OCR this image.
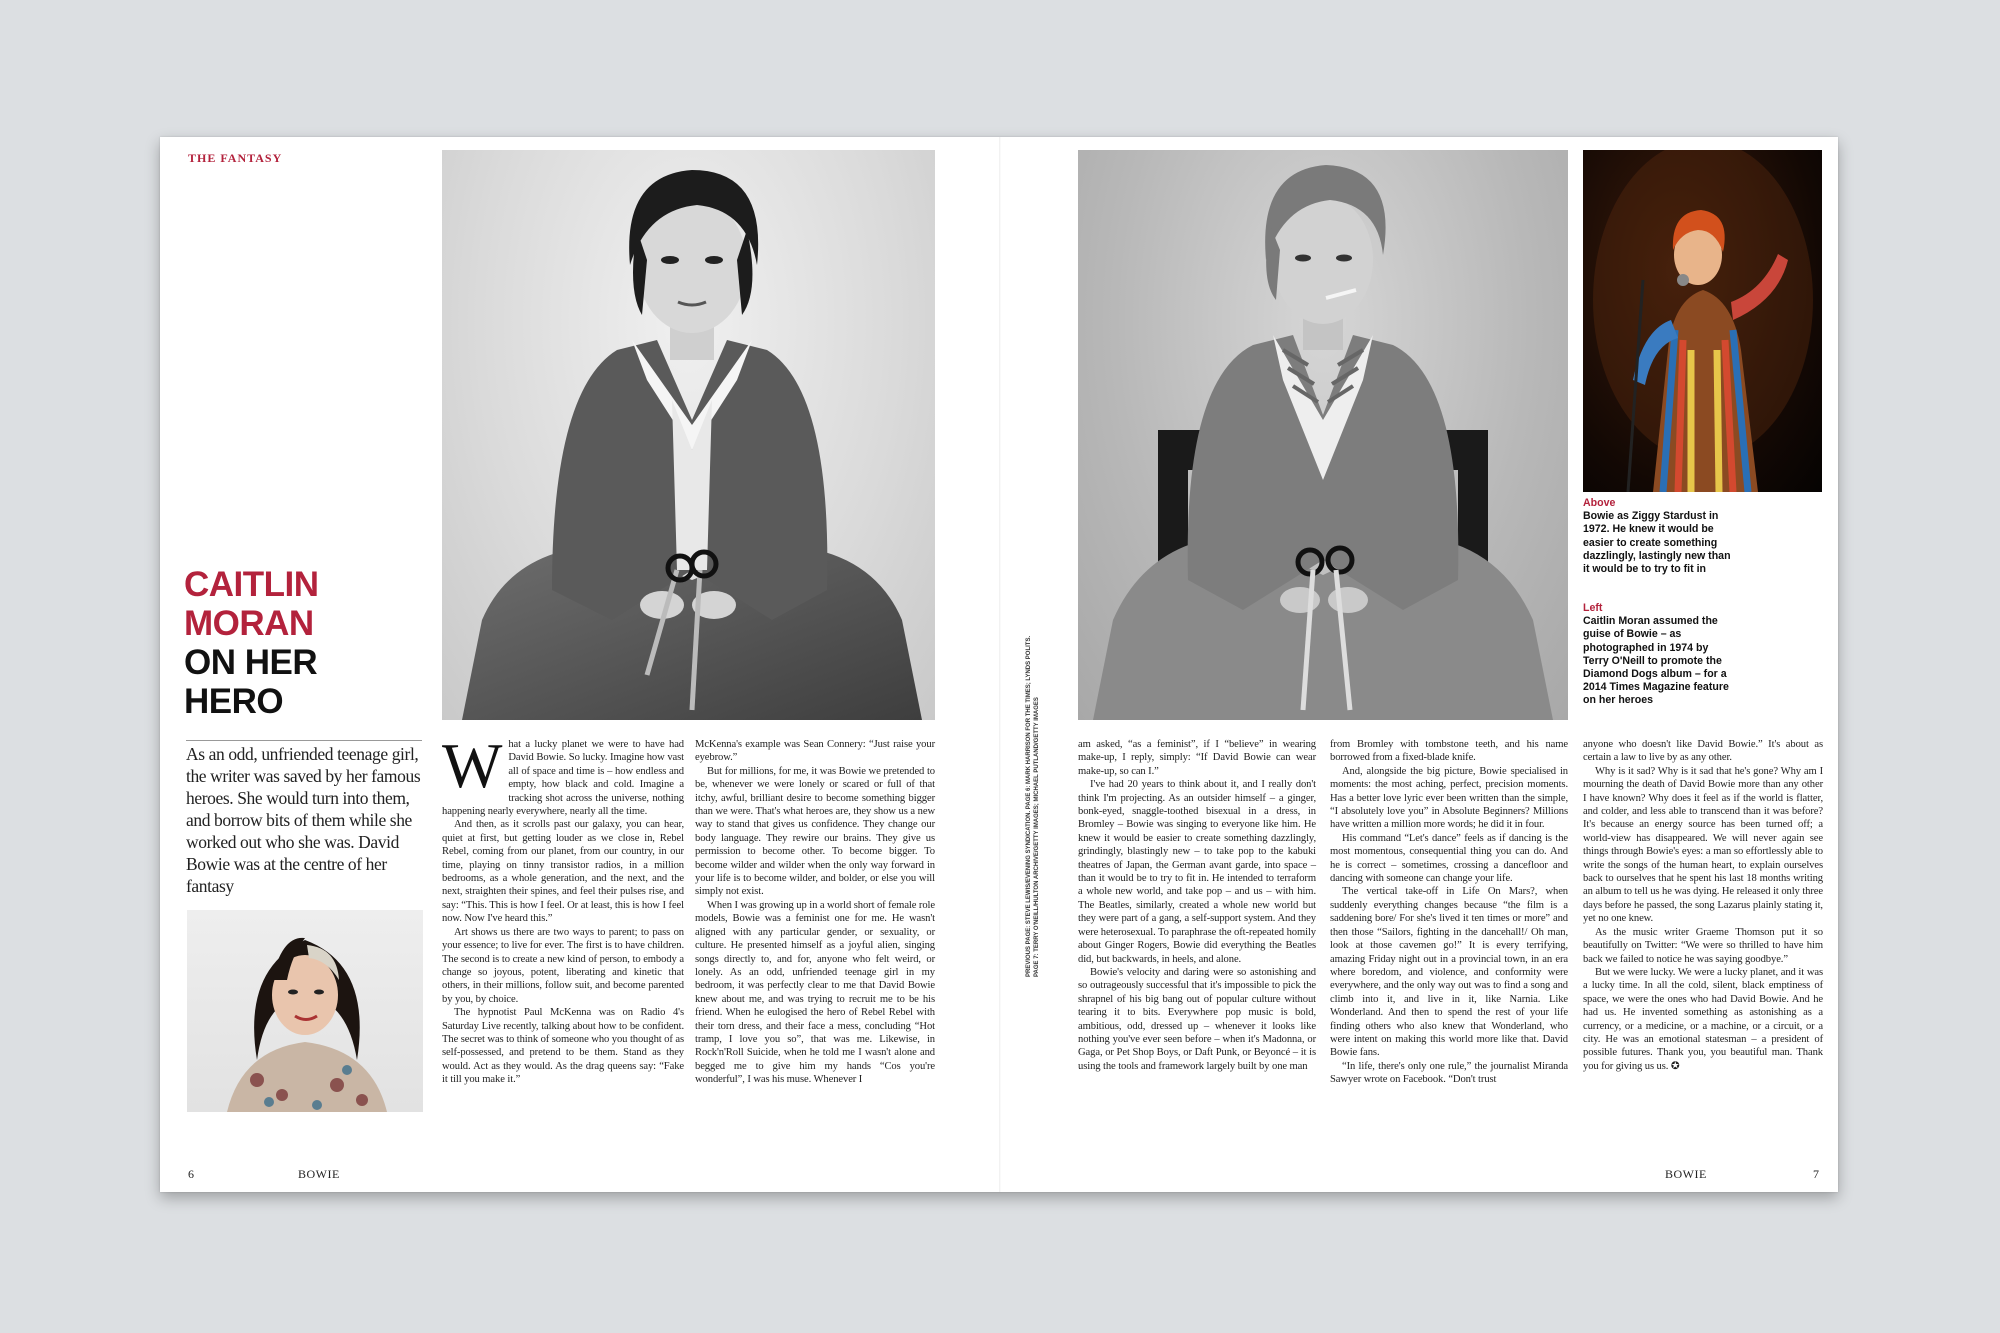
THE FANTASY
CAITLIN
MORAN
ON HER
HERO
As an odd, unfriended teenage girl, the writer was saved by her famous heroes. She would turn into them, and borrow bits of them while she worked out who she was. David Bowie was at the centre of her fantasy

What a lucky planet we were to have had David Bowie. So lucky. Imagine how vast all of space and time is – how endless and empty, how black and cold. Imagine a tracking shot across the universe, nothing happening nearly everywhere, nearly all the time.

And then, as it scrolls past our galaxy, you can hear, quiet at first, but getting louder as we close in, Rebel Rebel, coming from our planet, from our country, in our time, playing on tinny transistor radios, in a million bedrooms, as a whole generation, and the next, and the next, straighten their spines, and feel their pulses rise, and say: “This. This is how I feel. Or at least, this is how I feel now. Now I've heard this.”

Art shows us there are two ways to parent; to pass on your essence; to live for ever. The first is to have children. The second is to create a new kind of person, to embody a change so joyous, potent, liberating and kinetic that others, in their millions, follow suit, and become parented by you, by choice.

The hypnotist Paul McKenna was on Radio 4's Saturday Live recently, talking about how to be confident. The secret was to think of someone who you thought of as self-possessed, and pretend to be them. Stand as they would. Act as they would. As the drag queens say: “Fake it till you make it.”

McKenna's example was Sean Connery: “Just raise your eyebrow.”

But for millions, for me, it was Bowie we pretended to be, whenever we were lonely or scared or full of that itchy, awful, brilliant desire to become something bigger than we were. That's what heroes are, they show us a new way to stand that gives us confidence. They change our body language. They rewire our brains. They give us permission to become other. To become bigger. To become wilder and wilder when the only way forward in your life is to become wilder, and bolder, or else you will simply not exist.

When I was growing up in a world short of female role models, Bowie was a feminist one for me. He wasn't aligned with any particular gender, or sexuality, or culture. He presented himself as a joyful alien, singing songs directly to, and for, anyone who felt weird, or lonely. As an odd, unfriended teenage girl in my bedroom, it was perfectly clear to me that David Bowie knew about me, and was trying to recruit me to be his friend. When he eulogised the hero of Rebel Rebel with their torn dress, and their face a mess, concluding “Hot tramp, I love you so”, that was me. Likewise, in Rock'n'Roll Suicide, when he told me I wasn't alone and begged me to give him my hands “Cos you're wonderful”, I was his muse. Whenever I

am asked, “as a feminist”, if I “believe” in wearing make-up, I reply, simply: “If David Bowie can wear make-up, so can I.”

I've had 20 years to think about it, and I really don't think I'm projecting. As an outsider himself – a ginger, bonk-eyed, snaggle-toothed bisexual in a dress, in Bromley – Bowie was singing to everyone like him. He knew it would be easier to create something dazzlingly, grindingly, blastingly new – to take pop to the kabuki theatres of Japan, the German avant garde, into space – than it would be to try to fit in. He intended to terraform a whole new world, and take pop – and us – with him. The Beatles, similarly, created a whole new world but they were part of a gang, a self-support system. And they were heterosexual. To paraphrase the oft-repeated homily about Ginger Rogers, Bowie did everything the Beatles did, but backwards, in heels, and alone.

Bowie's velocity and daring were so astonishing and so outrageously successful that it's impossible to pick the shrapnel of his big bang out of popular culture without tearing it to bits. Everywhere pop music is bold, ambitious, odd, dressed up – whenever it looks like nothing you've ever seen before – when it's Madonna, or Gaga, or Pet Shop Boys, or Daft Punk, or Beyoncé – it is using the tools and framework largely built by one man

from Bromley with tombstone teeth, and his name borrowed from a fixed-blade knife.

And, alongside the big picture, Bowie specialised in moments: the most aching, perfect, precision moments. Has a better love lyric ever been written than the simple, “I absolutely love you” in Absolute Beginners? Millions have written a million more words; he did it in four.

His command “Let's dance” feels as if dancing is the most momentous, consequential thing you can do. And he is correct – sometimes, crossing a dancefloor and dancing with someone can change your life.

The vertical take-off in Life On Mars?, when suddenly everything changes because “the film is a saddening bore/ For she's lived it ten times or more” and then those “Sailors, fighting in the dancehall!/ Oh man, look at those cavemen go!” It is every terrifying, amazing Friday night out in a provincial town, in an era where boredom, and violence, and conformity were everywhere, and the only way out was to find a song and climb into it, and live in it, like Narnia. Like Wonderland. And then to spend the rest of your life finding others who also knew that Wonderland, who were intent on making this world more like that. David Bowie fans.

“In life, there's only one rule,” the journalist Miranda Sawyer wrote on Facebook. “Don't trust

anyone who doesn't like David Bowie.” It's about as certain a law to live by as any other.

Why is it sad? Why is it sad that he's gone? Why am I mourning the death of David Bowie more than any other I have known? Why does it feel as if the world is flatter, and colder, and less able to transcend than it was before? It's because an energy source has been turned off; a world-view has disappeared. We will never again see things through Bowie's eyes: a man so effortlessly able to write the songs of the human heart, to explain ourselves back to ourselves that he spent his last 18 months writing an album to tell us he was dying. He released it only three days before he passed, the song Lazarus plainly stating it, yet no one knew.

As the music writer Graeme Thomson put it so beautifully on Twitter: “We were so thrilled to have him back we failed to notice he was saying goodbye.”

But we were lucky. We were a lucky planet, and it was a lucky time. In all the cold, silent, black emptiness of space, we were the ones who had David Bowie. And he had us. He invented something as astonishing as a currency, or a medicine, or a machine, or a circuit, or a city. He was an emotional statesman – a president of possible futures. Thank you, you beautiful man. Thank you for giving us us. ✪

Above
Bowie as Ziggy Stardust in 1972. He knew it would be easier to create something dazzlingly, lastingly new than it would be to try to fit in
Left
Caitlin Moran assumed the guise of Bowie – as photographed in 1974 by Terry O'Neill to promote the Diamond Dogs album – for a 2014 Times Magazine feature on her heroes
PREVIOUS PAGE: STEVE LEWIS/EVENING SYNDICATION. PAGE 6: MARK HARRISON FOR THE TIMES; LYNDS POLITS. PAGE 7: TERRY O'NEILL/HULTON ARCHIVE/GETTY IMAGES; MICHAEL PUTLAND/GETTY IMAGES
6	BOWIE	BOWIE	7
